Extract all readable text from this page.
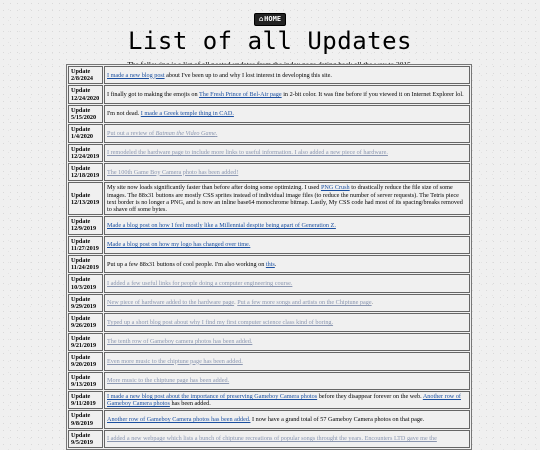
⌂HOME
List of all Updates
Update
2/8/2024	I made a new blog post about I've been up to and why I lost interest in developing this site.

Update
12/24/2020	I finally got to making the emojis on The Fresh Prince of Bel-Air page in 2-bit color. It was fine before if you viewed it on Internet Explorer lol.

Update
5/15/2020	I'm not dead. I made a Greek temple thing in CAD.

Update
1/4/2020	Put out a review of Batman the Video Game.

Update
12/24/2019	I remodeled the hardware page to include more links to useful information. I also added a new piece of hardware.

Update
12/18/2019	The 100th Game Boy Camera photo has been added!

Update
12/13/2019	My site now loads significantly faster than before after doing some optimizing. I used PNG Crush to drastically reduce the file size of some images. The 88x31 buttons are mostly CSS sprites instead of individual image files (to reduce the number of server requests). The Tetris piece text border is no longer a PNG, and is now an inline base64 monochrome bitmap. Lastly, My CSS code had most of its spacing/breaks removed to shave off some bytes.

Update
12/9/2019	Made a blog post on how I feel mostly like a Millennial despite being apart of Generation Z.

Update
11/27/2019	Made a blog post on how my logo has changed over time.

Update
11/24/2019	Put up a few 88x31 buttons of cool people. I'm also working on this.

Update
10/3/2019	I added a few useful links for people doing a computer engineering course.

Update
9/29/2019	New piece of hardware added to the hardware page. Put a few more songs and artists on the Chiptune page.

Update
9/26/2019	Typed up a short blog post about why I find my first computer science class kind of boring.

Update
9/21/2019	The tenth row of Gameboy camera photos has been added.

Update
9/20/2019	Even more music to the chiptune page has been added.

Update
9/13/2019	More music to the chiptune page has been added.

Update
9/11/2019	I made a new blog post about the importance of preserving Gameboy Camera photos before they disappear forever on the web. Another row of Gameboy Camera photos has been added.

Update
9/8/2019	Another row of Gameboy Camera photos has been added. I now have a grand total of 57 Gameboy Camera photos on that page.

Update
9/5/2019	I added a new webpage which lists a bunch of chiptune recreations of popular songs throught the years. Encounters LTD gave me the
